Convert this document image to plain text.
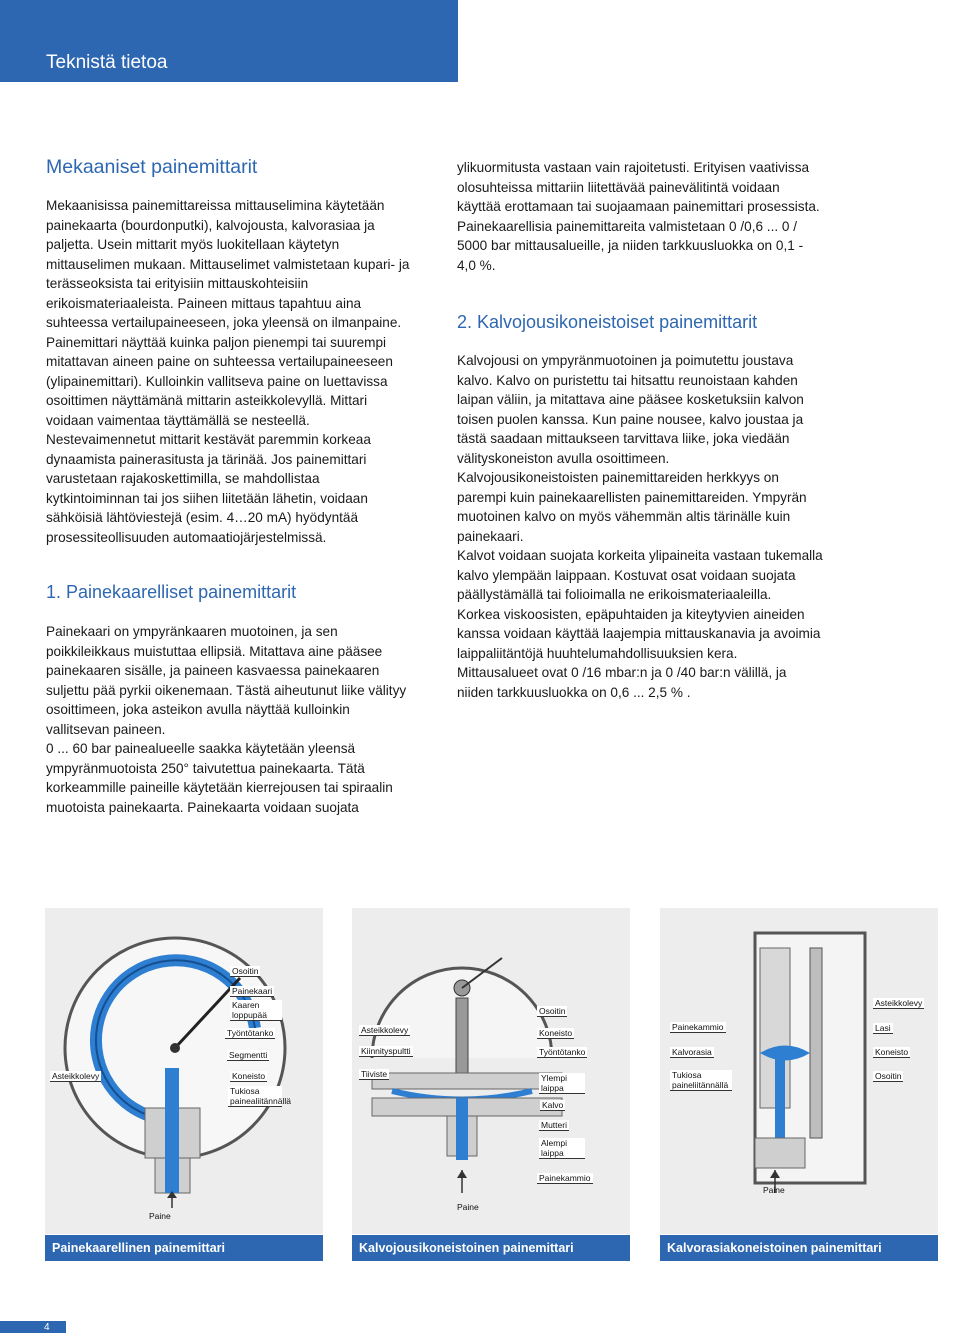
Teknistä tietoa

Mekaaniset painemittarit

Mekaanisissa painemittareissa mittauselimina käytetään

painekaarta (bourdonputki), kalvojousta, kalvorasiaa ja

paljetta. Usein mittarit myös luokitellaan käytetyn

mittauselimen mukaan. Mittauselimet valmistetaan kupari- ja

terässeoksista tai erityisiin mittauskohteisiin

erikoismateriaaleista. Paineen mittaus tapahtuu aina

suhteessa vertailupaineeseen, joka yleensä on ilmanpaine.

Painemittari näyttää kuinka paljon pienempi tai suurempi

mitattavan aineen paine on suhteessa vertailupaineeseen

(ylipainemittari). Kulloinkin vallitseva paine on luettavissa

osoittimen näyttämänä mittarin asteikkolevyllä. Mittari

voidaan vaimentaa täyttämällä se nesteellä.

Nestevaimennetut mittarit kestävät paremmin korkeaa

dynaamista painerasitusta ja tärinää. Jos painemittari

varustetaan rajakoskettimilla, se mahdollistaa

kytkintoiminnan tai jos siihen liitetään lähetin, voidaan

sähköisiä lähtöviestejä (esim. 4…20 mA) hyödyntää

prosessiteollisuuden automaatiojärjestelmissä.

1. Painekaarelliset painemittarit

Painekaari on ympyränkaaren muotoinen, ja sen

poikkileikkaus muistuttaa ellipsiä. Mitattava aine pääsee

painekaaren sisälle, ja paineen kasvaessa painekaaren

suljettu pää pyrkii oikenemaan. Tästä aiheutunut liike välityy

osoittimeen, joka asteikon avulla näyttää kulloinkin

vallitsevan paineen.

0 ... 60 bar painealueelle saakka käytetään yleensä

ympyränmuotoista 250° taivutettua painekaarta. Tätä

korkeammille paineille käytetään kierrejousen tai spiraalin

muotoista painekaarta. Painekaarta voidaan suojata

ylikuormitusta vastaan vain rajoitetusti. Erityisen vaativissa

olosuhteissa mittariin liitettävää painevälitintä voidaan

käyttää erottamaan tai suojaamaan painemittari prosessista.

Painekaarellisia painemittareita valmistetaan 0 /0,6 ... 0 /

5000 bar mittausalueille, ja niiden tarkkuusluokka on 0,1 -

4,0 %.

2. Kalvojousikoneistoiset painemittarit

Kalvojousi on ympyränmuotoinen ja poimutettu joustava

kalvo. Kalvo on puristettu tai hitsattu reunoistaan kahden

laipan väliin, ja mitattava aine pääsee kosketuksiin kalvon

toisen puolen kanssa. Kun paine nousee, kalvo joustaa ja

tästä saadaan mittaukseen tarvittava liike, joka viedään

välityskoneiston avulla osoittimeen.

Kalvojousikoneistoisten painemittareiden herkkyys on

parempi kuin painekaarellisten painemittareiden. Ympyrän

muotoinen kalvo on myös vähemmän altis tärinälle kuin

painekaari.

Kalvot voidaan suojata korkeita ylipaineita vastaan tukemalla

kalvo ylempään laippaan. Kostuvat osat voidaan suojata

päällystämällä tai folioimalla ne erikoismateriaaleilla.

Korkea viskoosisten, epäpuhtaiden ja kiteytyvien aineiden

kanssa voidaan käyttää laajempia mittauskanavia ja avoimia

laippaliitäntöjä huuhtelumahdollisuuksien kera.

Mittausalueet ovat 0 /16 mbar:n ja 0 /40 bar:n välillä, ja

niiden tarkkuusluokka on 0,6 ... 2,5 % .

Osoitin
Painekaari
Kaaren loppupää
Työntötanko
Segmentti
Asteikkolevy	Koneisto
Tukiosa painealiitännällä
Paine
Osoitin
Asteikkolevy	Koneisto
Kiinnityspultti	Työntötanko
Tiiviste	Ylempi laippa
Kalvo
Mutteri
Alempi laippa
Painekammio
Paine
Asteikkolevy
Painekammio	Lasi
Kalvorasia	Koneisto
Tukiosa paineliitännällä
Osoitin
Paine
Painekaarellinen painemittari	Kalvojousikoneistoinen painemittari	Kalvorasiakoneistoinen painemittari
4
